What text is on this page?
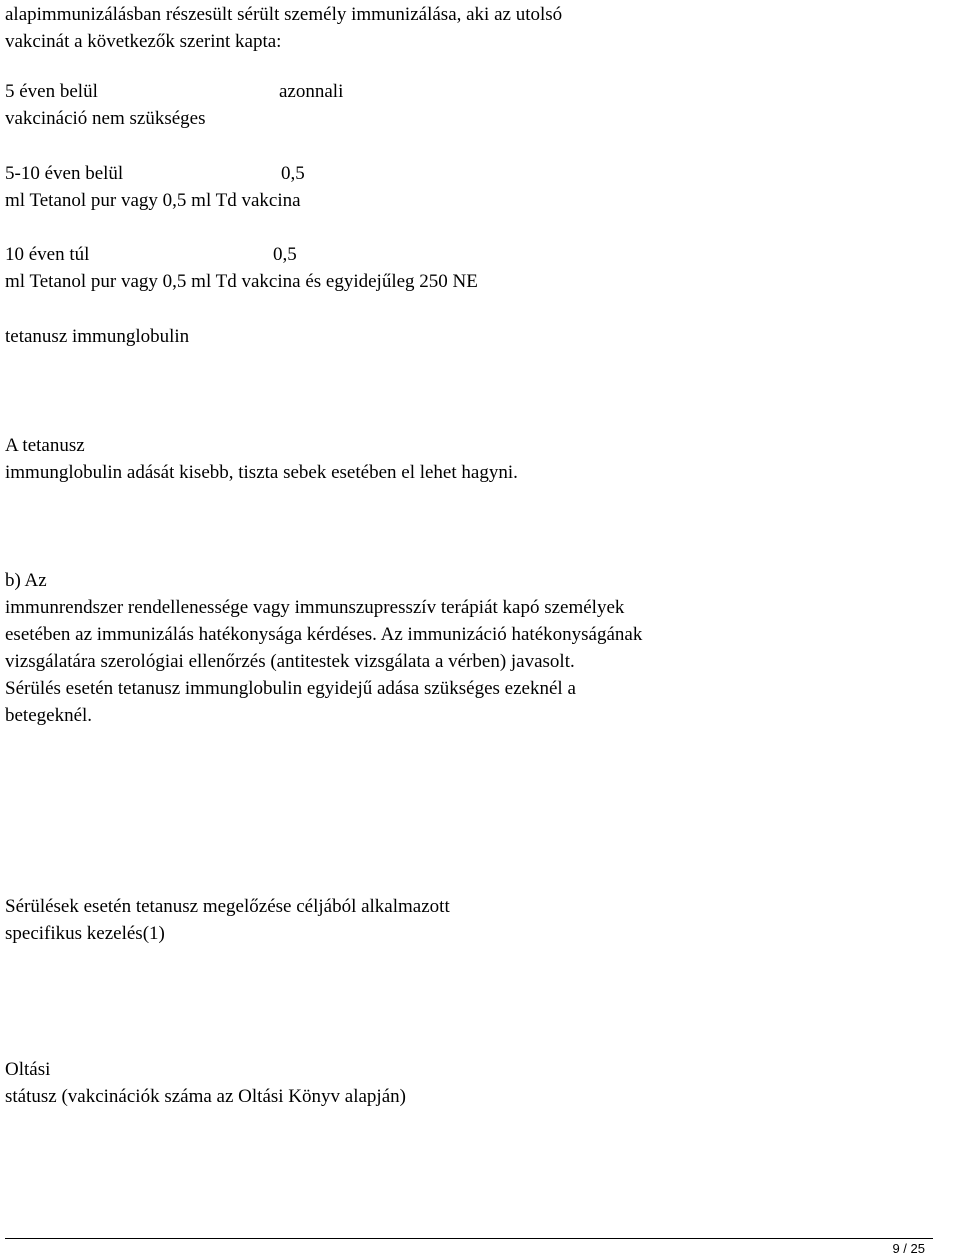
alapimmunizálásban részesült sérült személy immunizálása, aki az utolsó
vakcinát a következők szerint kapta:
5 éven belül	azonnali
vakcináció nem szükséges
5-10 éven belül	0,5
ml Tetanol pur vagy 0,5 ml Td vakcina
10 éven túl	0,5
ml Tetanol pur vagy 0,5 ml Td vakcina és egyidejűleg 250 NE
tetanusz immunglobulin
A tetanusz
immunglobulin adását kisebb, tiszta sebek esetében el lehet hagyni.
b) Az
immunrendszer rendellenessége vagy immunszupresszív terápiát kapó személyek
esetében az immunizálás hatékonysága kérdéses. Az immunizáció hatékonyságának
vizsgálatára szerológiai ellenőrzés (antitestek vizsgálata a vérben) javasolt.
Sérülés esetén tetanusz immunglobulin egyidejű adása szükséges ezeknél a
betegeknél.
Sérülések esetén tetanusz megelőzése céljából alkalmazott
specifikus kezelés(1)
Oltási
státusz (vakcinációk száma az Oltási Könyv alapján)
9 / 25
